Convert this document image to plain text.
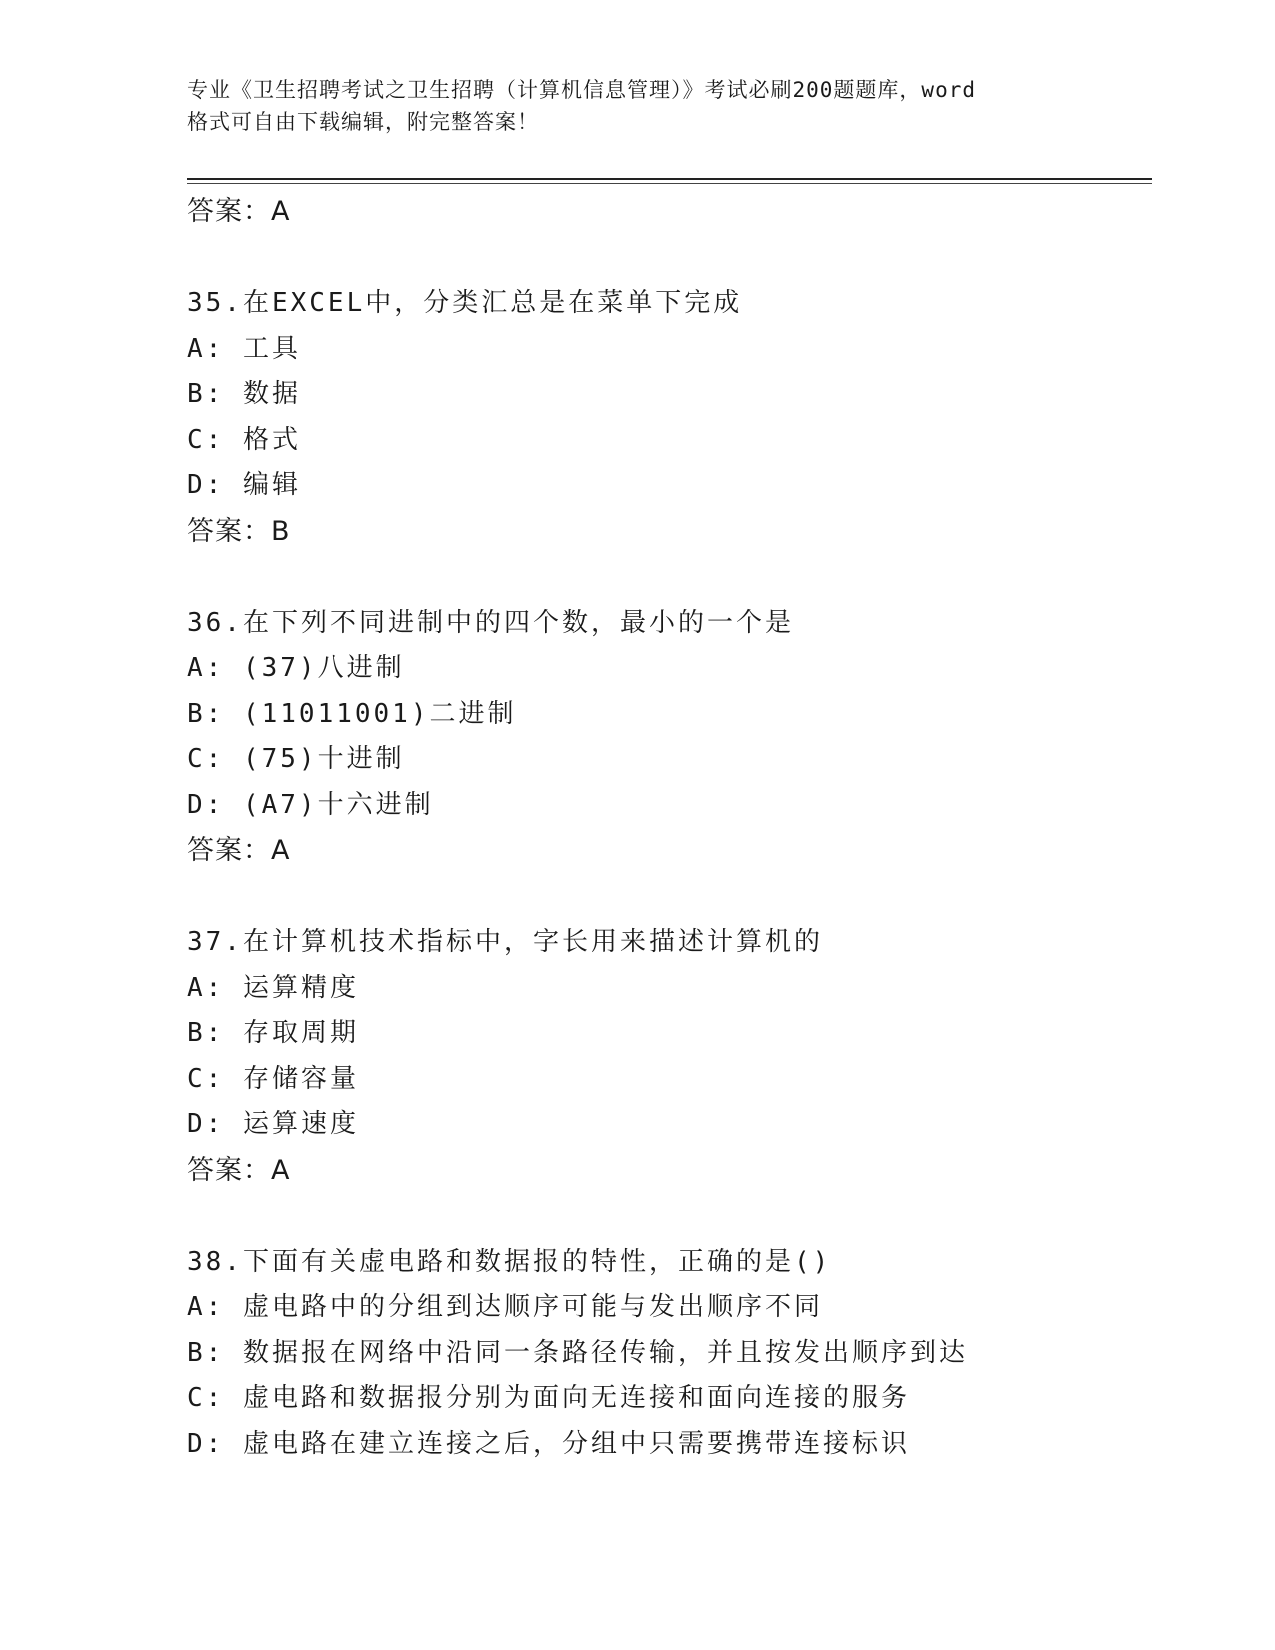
专业《卫生招聘考试之卫生招聘（计算机信息管理）》考试必刷200题题库，word
格式可自由下载编辑，附完整答案！
答案：A
35.在EXCEL中，分类汇总是在菜单下完成
A: 工具
B: 数据
C: 格式
D: 编辑
答案：B
36.在下列不同进制中的四个数，最小的一个是
A: (37)八进制
B: (11011001)二进制
C: (75)十进制
D: (A7)十六进制
答案：A
37.在计算机技术指标中，字长用来描述计算机的
A: 运算精度
B: 存取周期
C: 存储容量
D: 运算速度
答案：A
38.下面有关虚电路和数据报的特性，正确的是()
A: 虚电路中的分组到达顺序可能与发出顺序不同
B: 数据报在网络中沿同一条路径传输，并且按发出顺序到达
C: 虚电路和数据报分别为面向无连接和面向连接的服务
D: 虚电路在建立连接之后，分组中只需要携带连接标识
